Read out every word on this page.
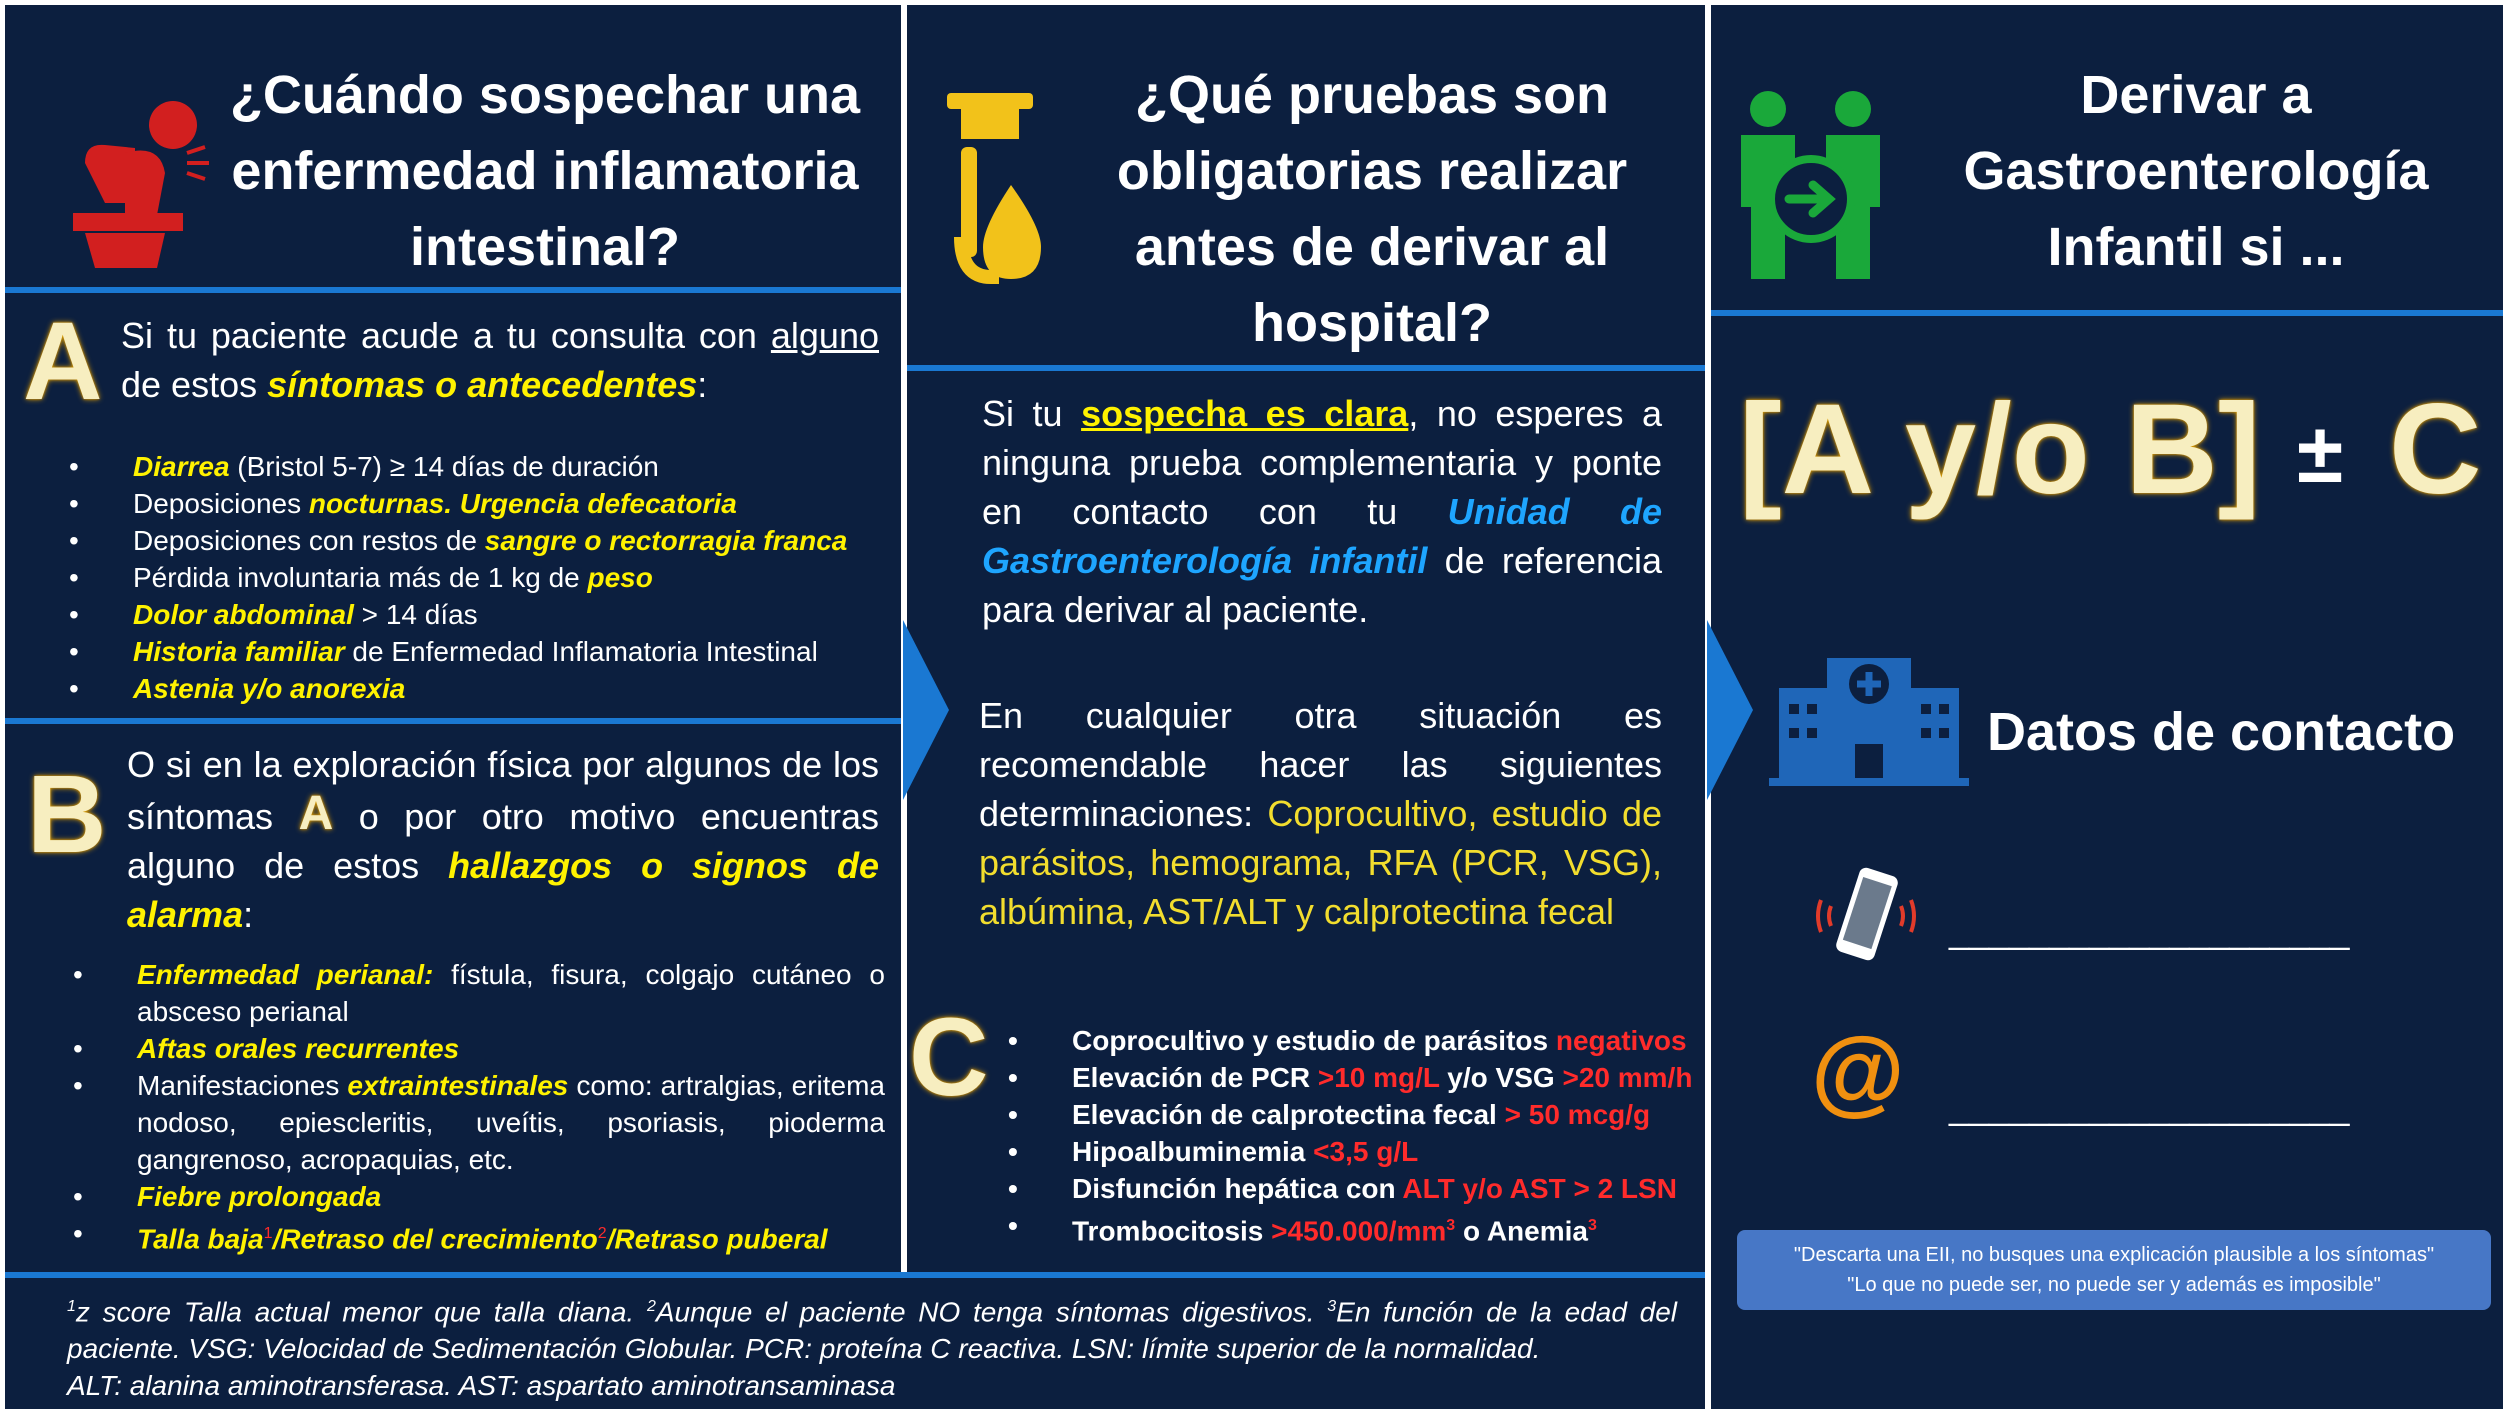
¿Cuándo sospechar una
enfermedad inflamatoria
intestinal?
A Si tu paciente acude a tu consulta con alguno de estos síntomas o antecedentes:
• Diarrea (Bristol 5-7) ≥ 14 días de duración
• Deposiciones nocturnas. Urgencia defecatoria
• Deposiciones con restos de sangre o rectorragia franca
• Pérdida involuntaria más de 1 kg de peso
• Dolor abdominal > 14 días
• Historia familiar de Enfermedad Inflamatoria Intestinal
• Astenia y/o anorexia
B O si en la exploración física por algunos de los síntomas A o por otro motivo encuentras alguno de estos hallazgos o signos de alarma:
• Enfermedad perianal: fístula, fisura, colgajo cutáneo o absceso perianal
• Aftas orales recurrentes
• Manifestaciones extraintestinales como: artralgias, eritema nodoso, epiescleritis, uveítis, psoriasis, pioderma gangrenoso, acropaquias, etc.
• Fiebre prolongada
• Talla baja$^1$/Retraso del crecimiento$^2$/Retraso puberal
¿Qué pruebas son
obligatorias realizar
antes de derivar al
hospital?
Si tu sospecha es clara, no esperes a ninguna prueba complementaria y ponte en contacto con tu Unidad de Gastroenterología infantil de referencia para derivar al paciente.
En cualquier otra situación es recomendable hacer las siguientes determinaciones: Coprocultivo, estudio de parásitos, hemograma, RFA (PCR, VSG), albúmina, AST/ALT y calprotectina fecal
C
•	Coprocultivo y estudio de parásitos negativos
• Elevación de PCR >10 mg/L y/o VSG >20 mm/h
• Elevación de calprotectina fecal > 50 mcg/g
• Hipoalbuminemia <3,5 g/L
• Disfunción hepática con ALT y/o AST > 2 LSN
• Trombocitosis $>450.000/mm^3$ o Anemia$^3$
Derivar a
Gastroenterología
Infantil si ...
[A y/o B] ± C
Datos de contacto
____________________
@ ____________________
"Descarta una EII, no busques una explicación plausible a los síntomas"
"Lo que no puede ser, no puede ser y además es imposible"
$^1$z score Talla actual menor que talla diana. $^2$Aunque el paciente NO tenga síntomas digestivos. $^3$En función de la edad del paciente. VSG: Velocidad de Sedimentación Globular. PCR: proteína C reactiva. LSN: límite superior de la normalidad.
ALT: alanina aminotransferasa. AST: aspartato aminotransaminasa
